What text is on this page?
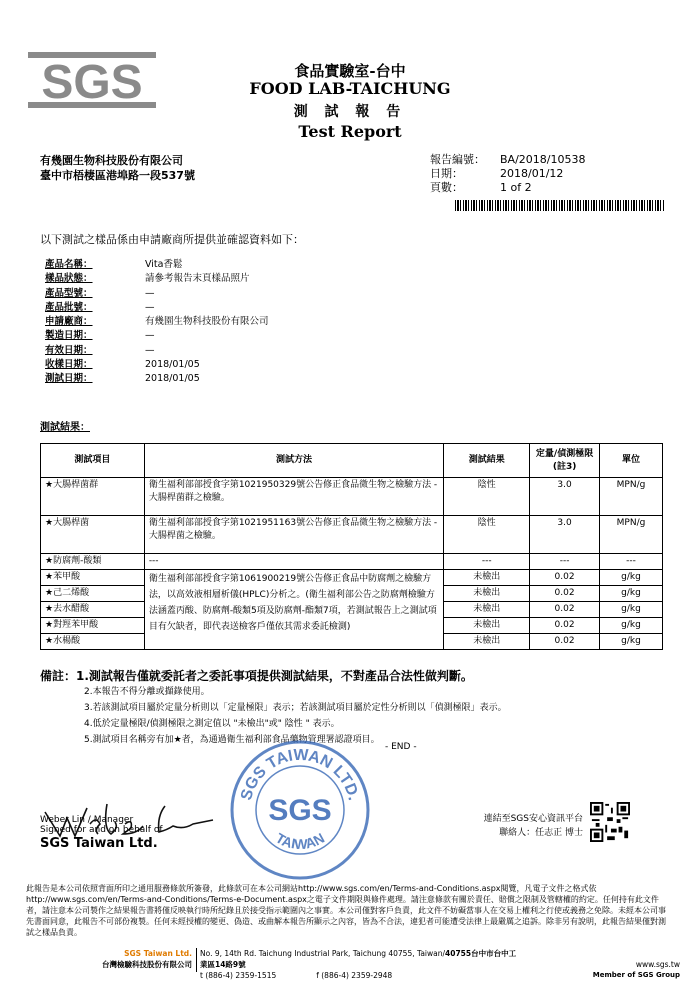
SGS	食品實驗室-台中
FOOD LAB-TAICHUNG
測 試 報 告
Test Report
有幾園生物科技股份有限公司
臺中市梧棲區港埠路一段537號
報告編號：	BA/2018/10538
日期：	2018/01/12
頁數：	1 of 2
以下測試之樣品係由申請廠商所提供並確認資料如下：
產品名稱：	Vita香鬆
樣品狀態：	請參考報告末頁樣品照片
產品型號：	—
產品批號：	—
申請廠商：	有幾園生物科技股份有限公司
製造日期：	—
有效日期：	—
收樣日期：	2018/01/05
測試日期：	2018/01/05
測試結果：
測試項目	測試方法	測試結果	定量/偵測極限(註3)	單位
★大腸桿菌群	衛生福利部部授食字第1021950329號公告修正食品微生物之檢驗方法 - 大腸桿菌群之檢驗。	陰性	3.0	MPN/g
★大腸桿菌	衛生福利部部授食字第1021951163號公告修正食品微生物之檢驗方法 - 大腸桿菌之檢驗。	陰性	3.0	MPN/g
★防腐劑-酸類	---	---	---	---
★苯甲酸	衛生福利部部授食字第1061900219號公告修正食品中防腐劑之檢驗方法，以高效液相層析儀(HPLC)分析之。(衛生福利部公告之防腐劑檢驗方法涵蓋丙酸、防腐劑-酸類5項及防腐劑-酯類7項，若測試報告上之測試項目有欠缺者，即代表送檢客戶僅依其需求委託檢測)	未檢出	0.02	g/kg
★己二烯酸		未檢出	0.02	g/kg
★去水醋酸		未檢出	0.02	g/kg
★對羥苯甲酸		未檢出	0.02	g/kg
★水楊酸		未檢出	0.02	g/kg
備註：1.測試報告僅就委託者之委託事項提供測試結果，不對產品合法性做判斷。
2.本報告不得分離或擷錄使用。
3.若該測試項目屬於定量分析則以「定量極限」表示；若該測試項目屬於定性分析則以「偵測極限」表示。
4.低於定量極限/偵測極限之測定值以 "未檢出"或" 陰性 " 表示。
5.測試項目名稱旁有加★者，為通過衛生福利部食品藥物管理署認證項目。
SGS TAIWAN LTD.
SGS
TAIWAN
- END -
Weber Lin / Manager
Signed for and on behalf of
SGS Taiwan Ltd.
連結至SGS安心資訊平台
聯絡人：任志正 博士
此報告是本公司依照背面所印之通用服務條款所簽發，此條款可在本公司網站http://www.sgs.com/en/Terms-and-Conditions.aspx閱覽，凡電子文件之格式依http://www.sgs.com/en/Terms-and-Conditions/Terms-e-Document.aspx之電子文件期限與條件處理。請注意條款有關於責任、賠償之限制及管轄權的約定。任何持有此文件者，請注意本公司製作之結果報告書將僅反映執行時所紀錄且於接受指示範圍內之事實。本公司僅對客戶負責，此文件不妨礙當事人在交易上權利之行使或義務之免除。未經本公司事先書面同意，此報告不可部份複製。任何未經授權的變更、偽造、或曲解本報告所顯示之內容，皆為不合法，違犯者可能遭受法律上最嚴厲之追訴。除非另有說明，此報告結果僅對測試之樣品負責。
SGS Taiwan Ltd.
台灣檢驗科技股份有限公司
No. 9, 14th Rd. Taichung Industrial Park, Taichung 40755, Taiwan/40755台中市台中工業區14路9號
t (886-4) 2359-1515	f (886-4) 2359-2948
www.sgs.tw
Member of SGS Group
